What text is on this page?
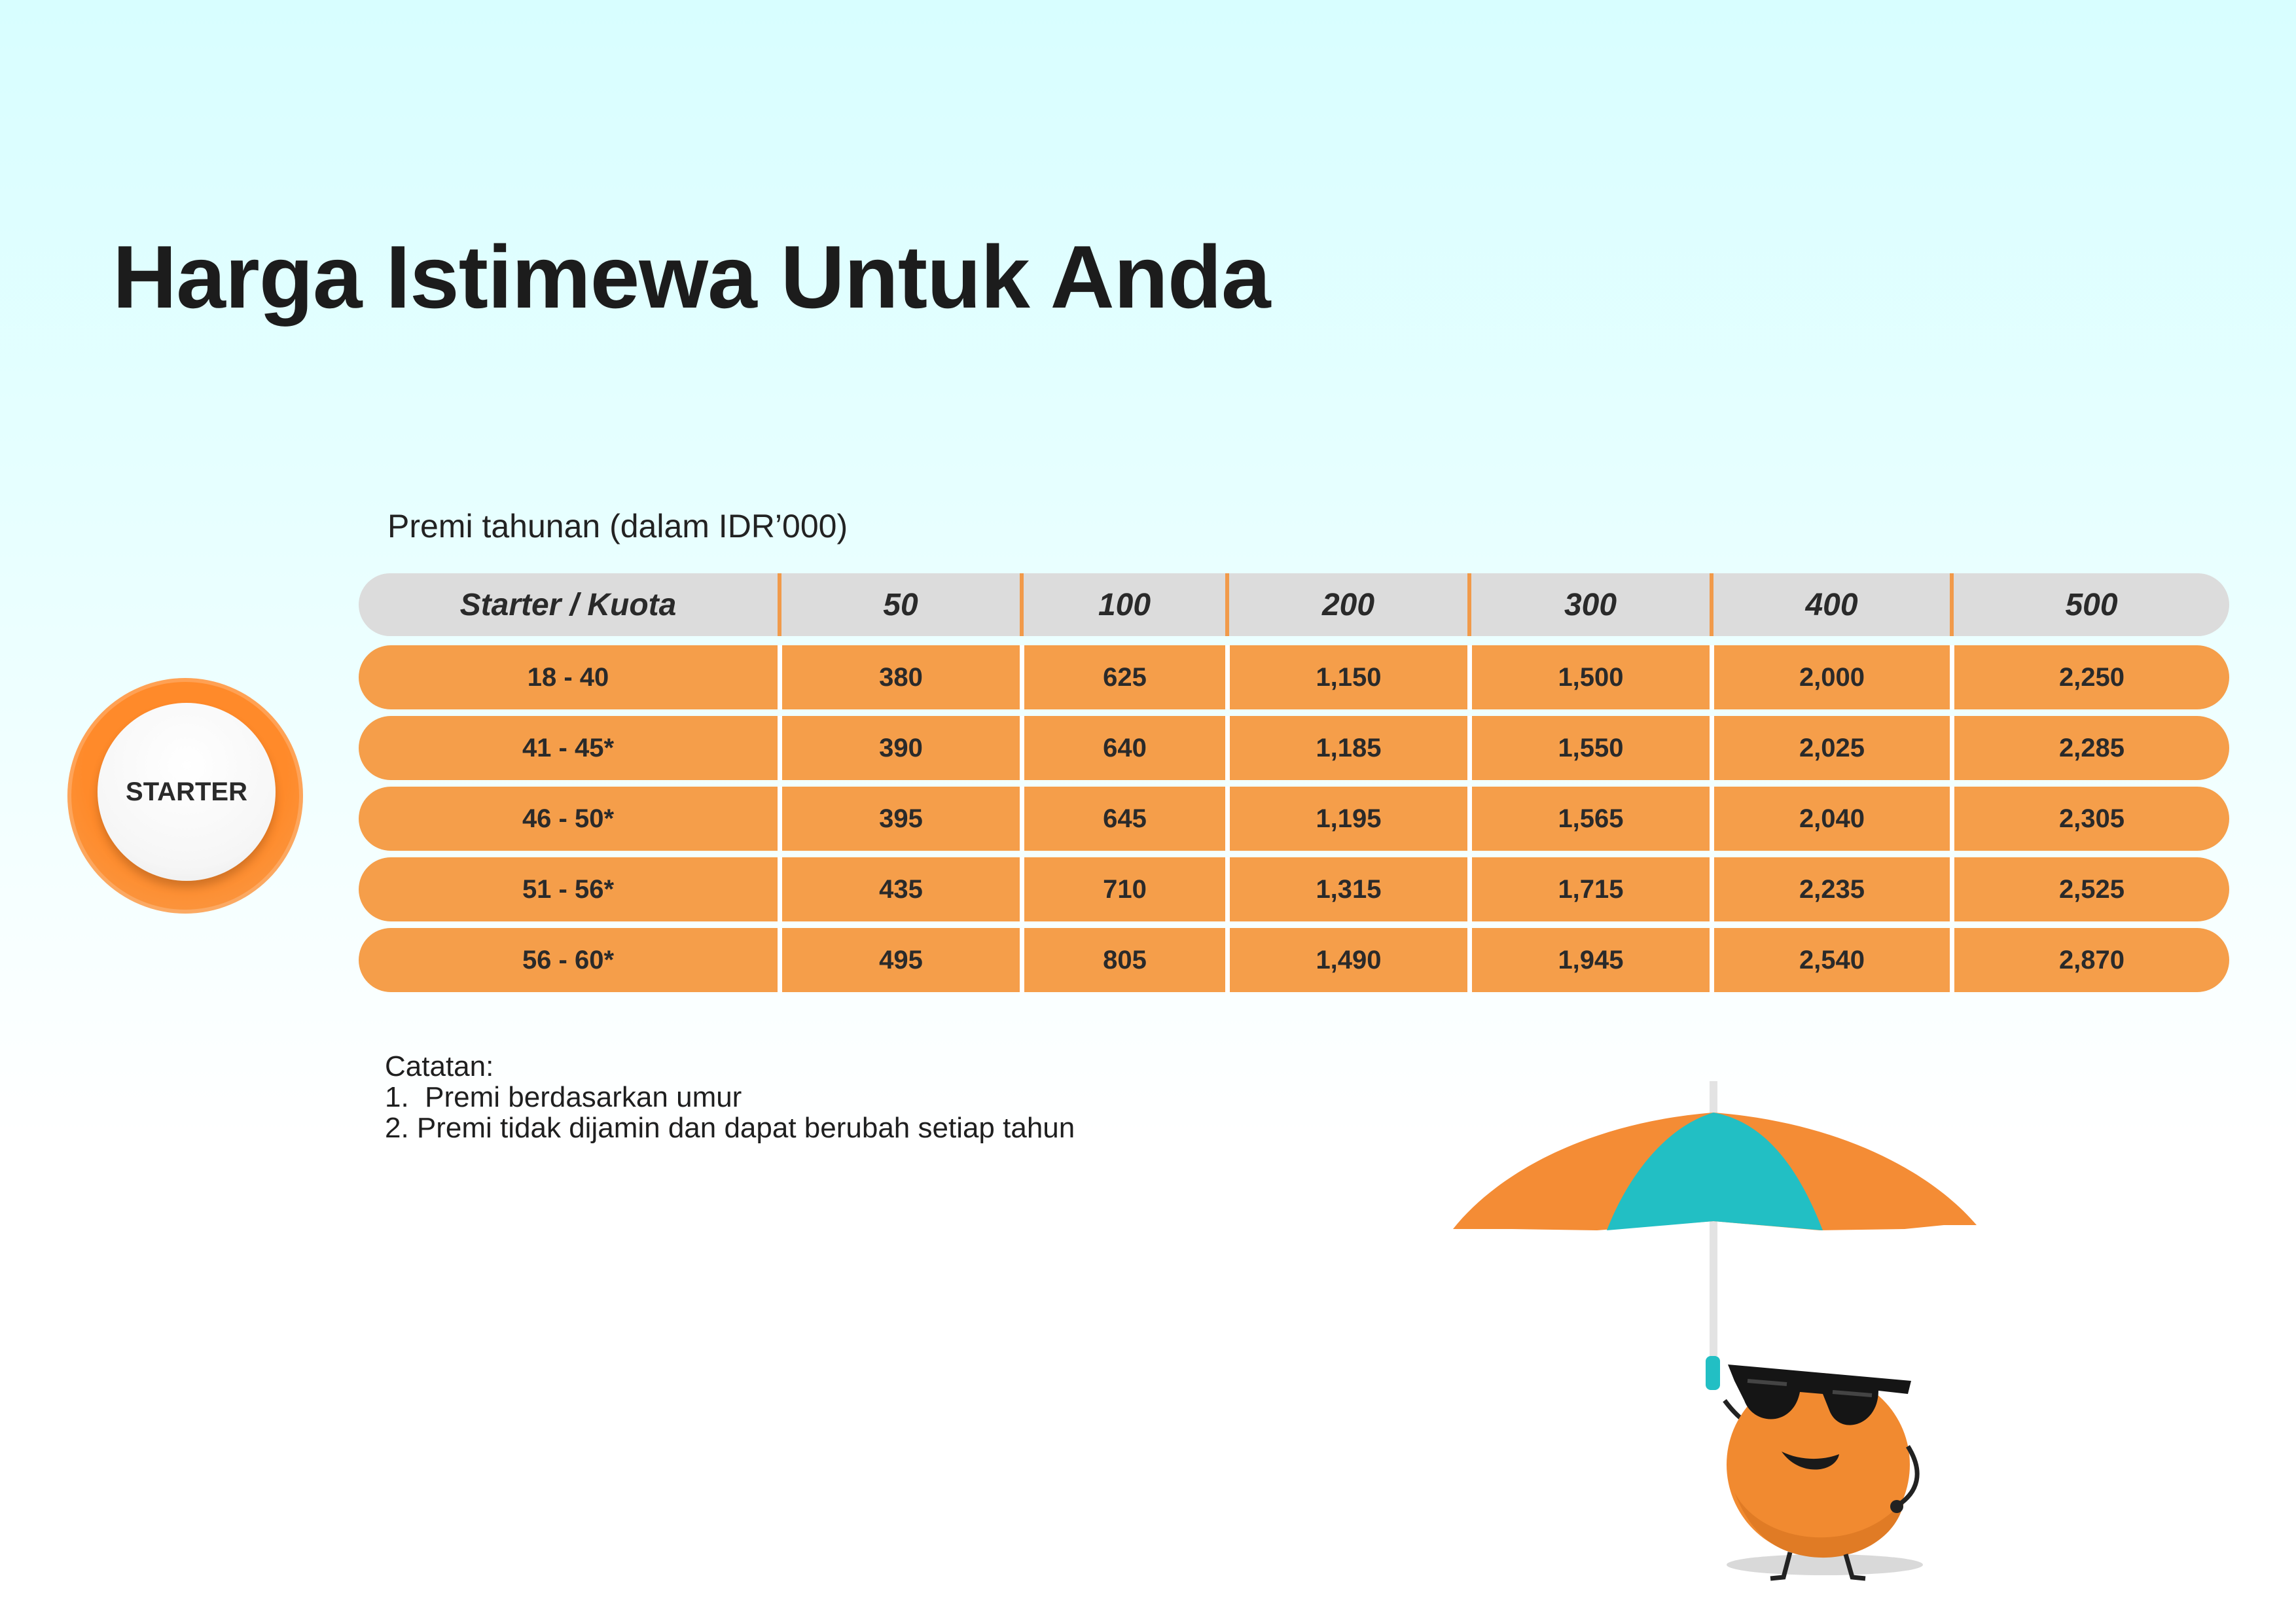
Harga Istimewa Untuk Anda
Premi tahunan (dalam IDR’000)
STARTER
Starter / Kuota	50	100	200	300	400	500
18 - 40	380	625	1,150	1,500	2,000	2,250
41 - 45*	390	640	1,185	1,550	2,025	2,285
46 - 50*	395	645	1,195	1,565	2,040	2,305
51 - 56*	435	710	1,315	1,715	2,235	2,525
56 - 60*	495	805	1,490	1,945	2,540	2,870
Catatan:
1.  Premi berdasarkan umur
2. Premi tidak dijamin dan dapat berubah setiap tahun
